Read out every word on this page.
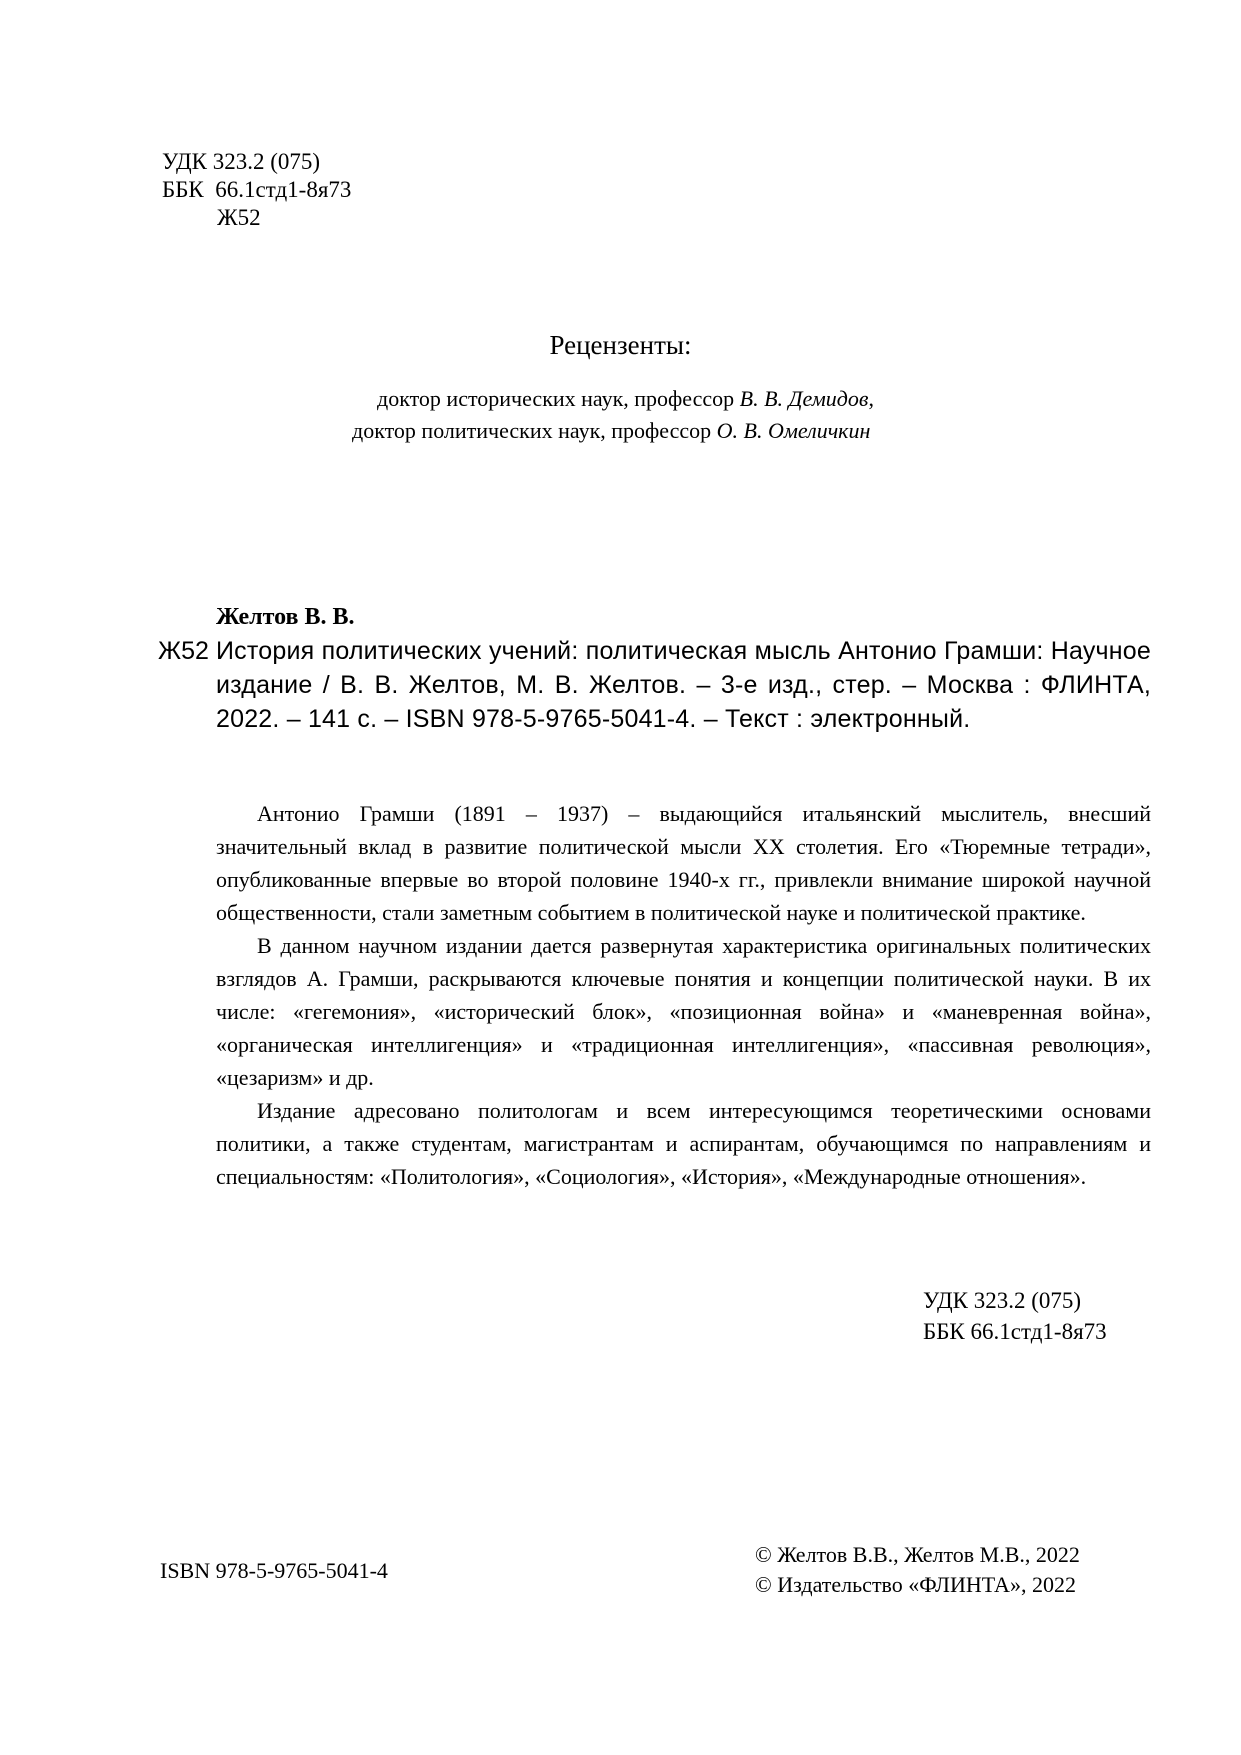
УДК 323.2 (075)
ББК  66.1стд1-8я73
Ж52
Рецензенты:
доктор исторических наук, профессор В. В. Демидов,
доктор политических наук, профессор О. В. Омеличкин
Желтов В. В.
Ж52 История политических учений: политическая мысль Антонио Грамши: Научное издание / В. В. Желтов, М. В. Желтов. – 3-е изд., стер. – Москва : ФЛИНТА, 2022. – 141 с. – ISBN 978-5-9765-5041-4. – Текст : электронный.

Антонио Грамши (1891 – 1937) – выдающийся итальянский мыслитель, внесший значительный вклад в развитие политической мысли XX столетия. Его «Тюремные тетради», опубликованные впервые во второй половине 1940-х гг., привлекли внимание широкой научной общественности, стали заметным событием в политической науке и политической практике.

В данном научном издании дается развернутая характеристика оригинальных политических взглядов А. Грамши, раскрываются ключевые понятия и концепции политической науки. В их числе: «гегемония», «исторический блок», «позиционная война» и «маневренная война», «органическая интеллигенция» и «традиционная интеллигенция», «пассивная революция», «цезаризм» и др.

Издание адресовано политологам и всем интересующимся теоретическими основами политики, а также студентам, магистрантам и аспирантам, обучающимся по направлениям и специальностям: «Политология», «Социология», «История», «Международные отношения».

УДК 323.2 (075)
ББК 66.1стд1-8я73
ISBN 978-5-9765-5041-4
© Желтов В.В., Желтов М.В., 2022
© Издательство «ФЛИНТА», 2022
